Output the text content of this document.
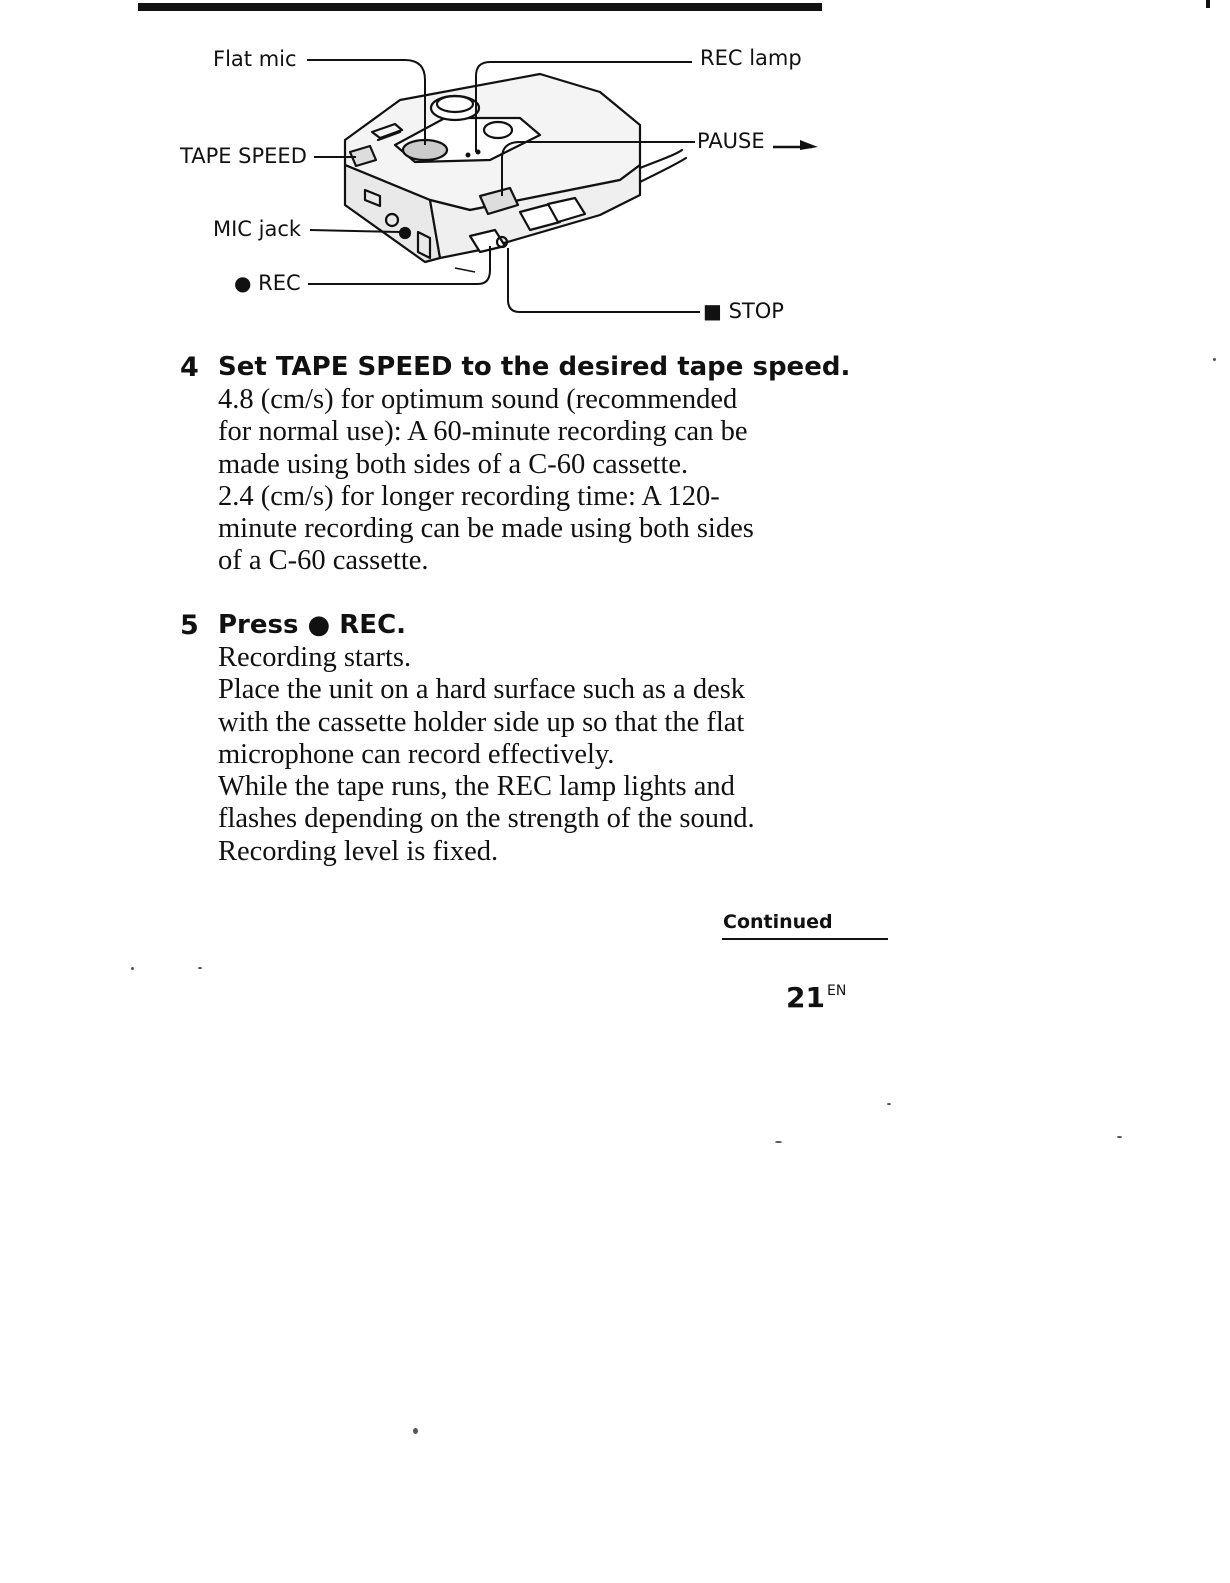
Flat mic
TAPE SPEED
MIC jack
● REC
REC lamp
PAUSE
■ STOP
4 Set TAPE SPEED to the desired tape speed.

4.8 (cm/s) for optimum sound (recommended

for normal use): A 60-minute recording can be

made using both sides of a C-60 cassette.

2.4 (cm/s) for longer recording time: A 120-

minute recording can be made using both sides

of a C-60 cassette.

5 Press ● REC.

Recording starts.

Place the unit on a hard surface such as a desk

with the cassette holder side up so that the flat

microphone can record effectively.

While the tape runs, the REC lamp lights and

flashes depending on the strength of the sound.

Recording level is fixed.

Continued
21 $^{EN}$
